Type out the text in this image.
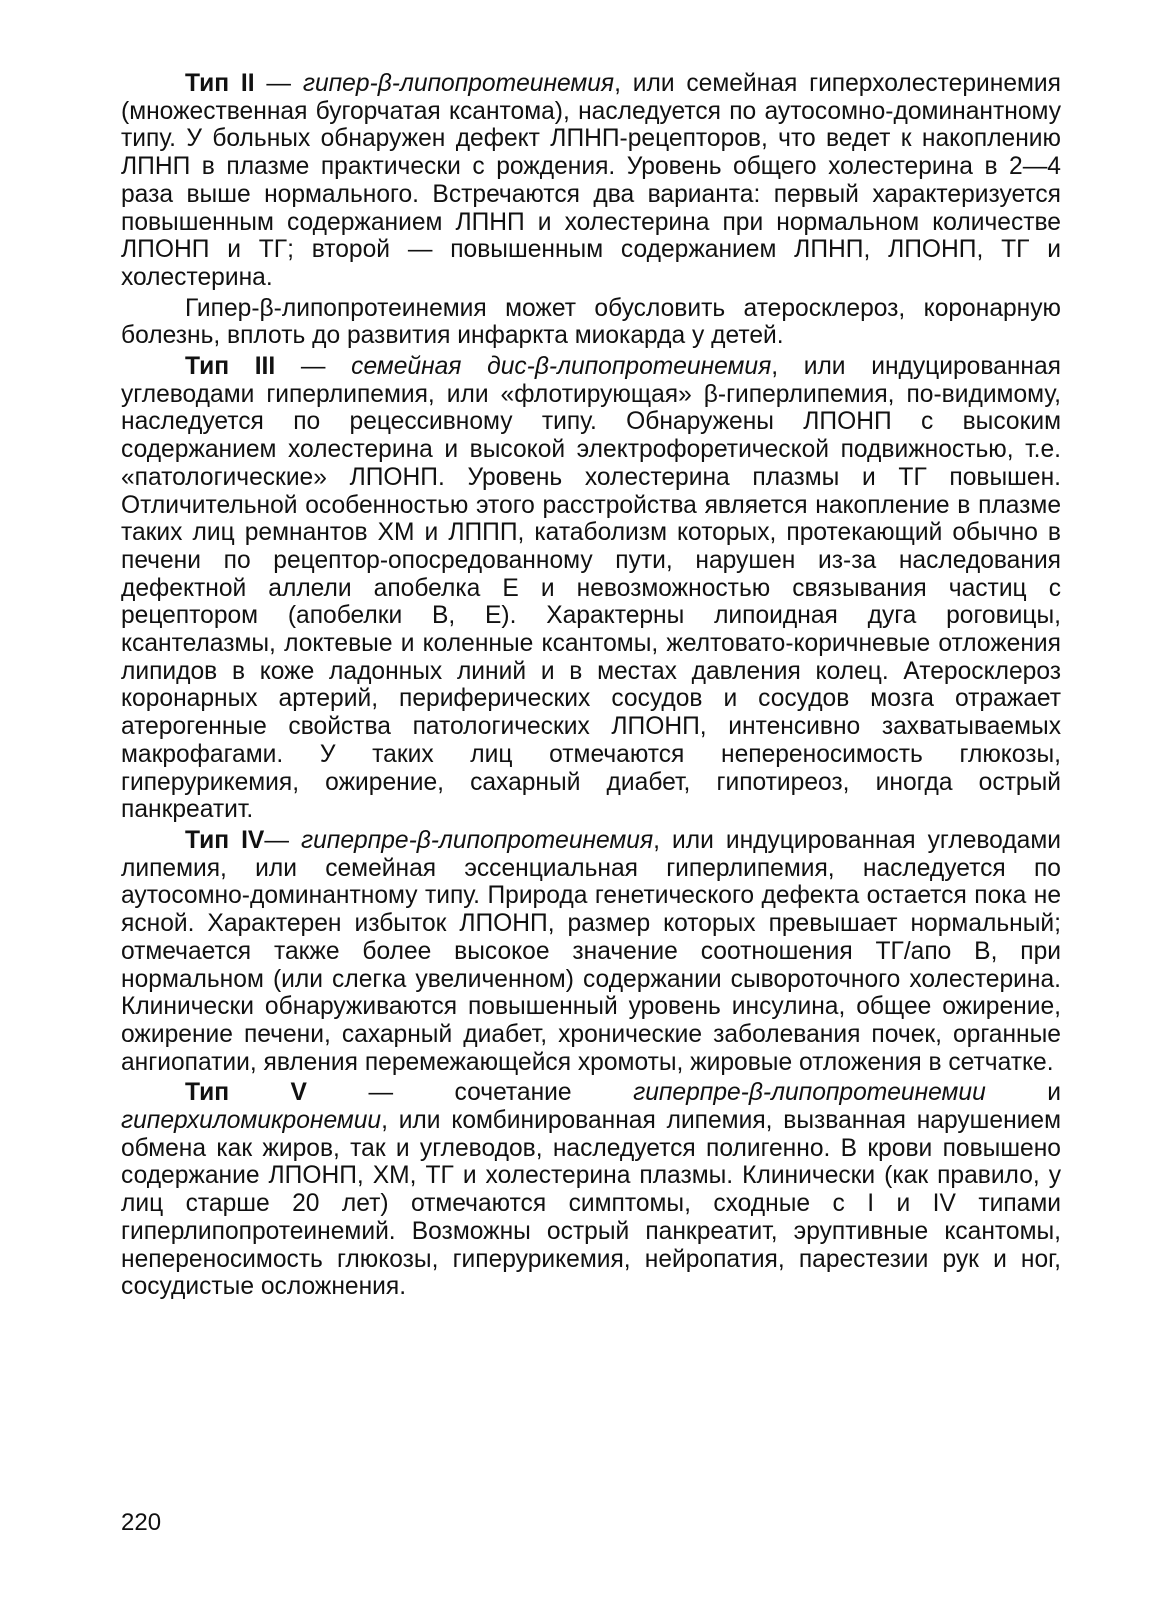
Тип II — гипер-β-липопротеинемия, или семейная гиперхолестеринемия (множественная бугорчатая ксантома), наследуется по аутосомно-доминантному типу. У больных обнаружен дефект ЛПНП-рецепторов, что ведет к накоплению ЛПНП в плазме практически с рождения. Уровень общего холестерина в 2—4 раза выше нормального. Встречаются два варианта: первый характеризуется повышенным содержанием ЛПНП и холестерина при нормальном количестве ЛПОНП и ТГ; второй — повышенным содержанием ЛПНП, ЛПОНП, ТГ и холестерина.

Гипер-β-липопротеинемия может обусловить атеросклероз, коронарную болезнь, вплоть до развития инфаркта миокарда у детей.

Тип III — семейная дис-β-липопротеинемия, или индуцированная углеводами гиперлипемия, или «флотирующая» β-гиперлипемия, по-видимому, наследуется по рецессивному типу. Обнаружены ЛПОНП с высоким содержанием холестерина и высокой электрофоретической подвижностью, т.е. «патологические» ЛПОНП. Уровень холестерина плазмы и ТГ повышен. Отличительной особенностью этого расстройства является накопление в плазме таких лиц ремнантов ХМ и ЛППП, катаболизм которых, протекающий обычно в печени по рецептор-опосредованному пути, нарушен из-за наследования дефектной аллели апобелка Е и невозможностью связывания частиц с рецептором (апобелки В, Е). Характерны липоидная дуга роговицы, ксантелазмы, локтевые и коленные ксантомы, желтовато-коричневые отложения липидов в коже ладонных линий и в местах давления колец. Атеросклероз коронарных артерий, периферических сосудов и сосудов мозга отражает атерогенные свойства патологических ЛПОНП, интенсивно захватываемых макрофагами. У таких лиц отмечаются непереносимость глюкозы, гиперурикемия, ожирение, сахарный диабет, гипотиреоз, иногда острый панкреатит.

Тип IV— гиперпре-β-липопротеинемия, или индуцированная углеводами липемия, или семейная эссенциальная гиперлипемия, наследуется по аутосомно-доминантному типу. Природа генетического дефекта остается пока не ясной. Характерен избыток ЛПОНП, размер которых превышает нормальный; отмечается также более высокое значение соотношения ТГ/апо В, при нормальном (или слегка увеличенном) содержании сывороточного холестерина. Клинически обнаруживаются повышенный уровень инсулина, общее ожирение, ожирение печени, сахарный диабет, хронические заболевания почек, органные ангиопатии, явления перемежающейся хромоты, жировые отложения в сетчатке.

Тип V — сочетание гиперпре-β-липопротеинемии и гиперхиломикронемии, или комбинированная липемия, вызванная нарушением обмена как жиров, так и углеводов, наследуется полигенно. В крови повышено содержание ЛПОНП, ХМ, ТГ и холестерина плазмы. Клинически (как правило, у лиц старше 20 лет) отмечаются симптомы, сходные с I и IV типами гиперлипопротеинемий. Возможны острый панкреатит, эруптивные ксантомы, непереносимость глюкозы, гиперурикемия, нейропатия, парестезии рук и ног, сосудистые осложнения.

220
